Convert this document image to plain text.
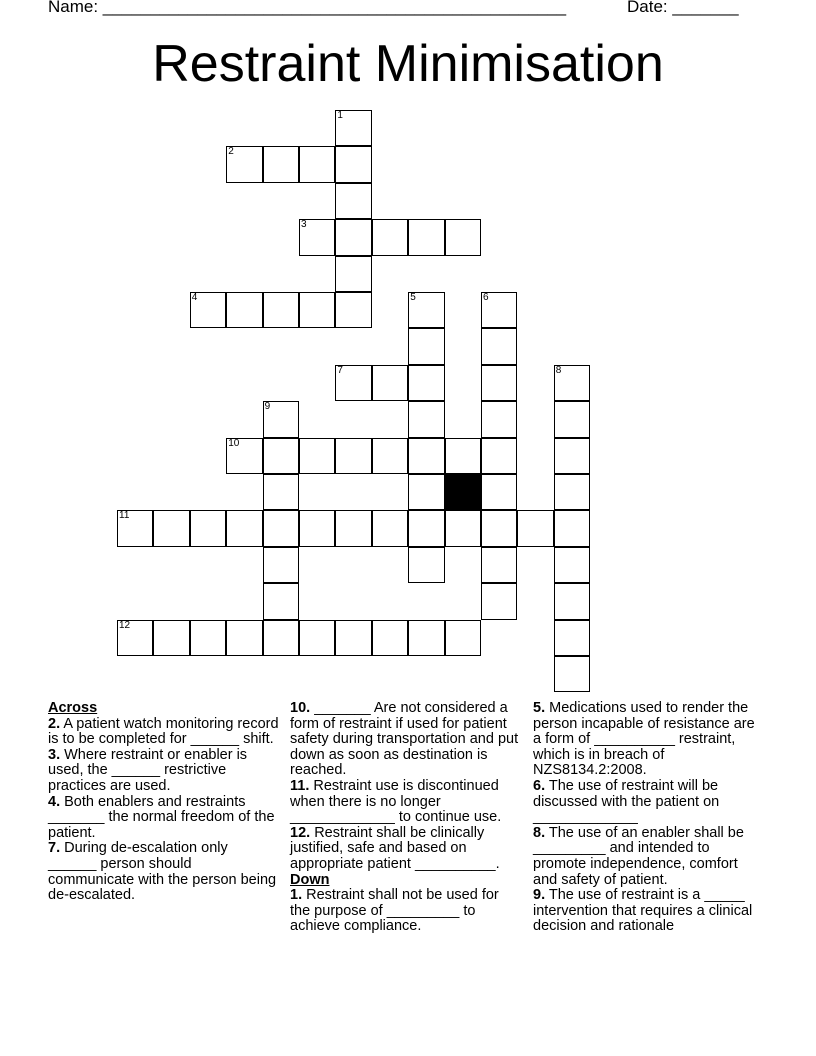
Name: _________________________________________________	Date: _______
Restraint Minimisation
1
2
3
4	5	6
7	8
9
10
11
12

Across

2. A patient watch monitoring record is to be completed for ______ shift.

3. Where restraint or enabler is used, the ______ restrictive practices are used.

4. Both enablers and restraints _______ the normal freedom of the patient.

7. During de-escalation only ______ person should communicate with the person being de-escalated.

10. _______ Are not considered a form of restraint if used for patient safety during transportation and put down as soon as destination is reached.

11. Restraint use is discontinued when there is no longer _____________ to continue use.

12. Restraint shall be clinically justified, safe and based on appropriate patient __________.

Down

1. Restraint shall not be used for the purpose of _________ to achieve compliance.

5. Medications used to render the person incapable of resistance are a form of __________ restraint, which is in breach of NZS8134.2:2008.

6. The use of restraint will be discussed with the patient on _____________

8. The use of an enabler shall be _________ and intended to promote independence, comfort and safety of patient.

9. The use of restraint is a _____ intervention that requires a clinical decision and rationale
